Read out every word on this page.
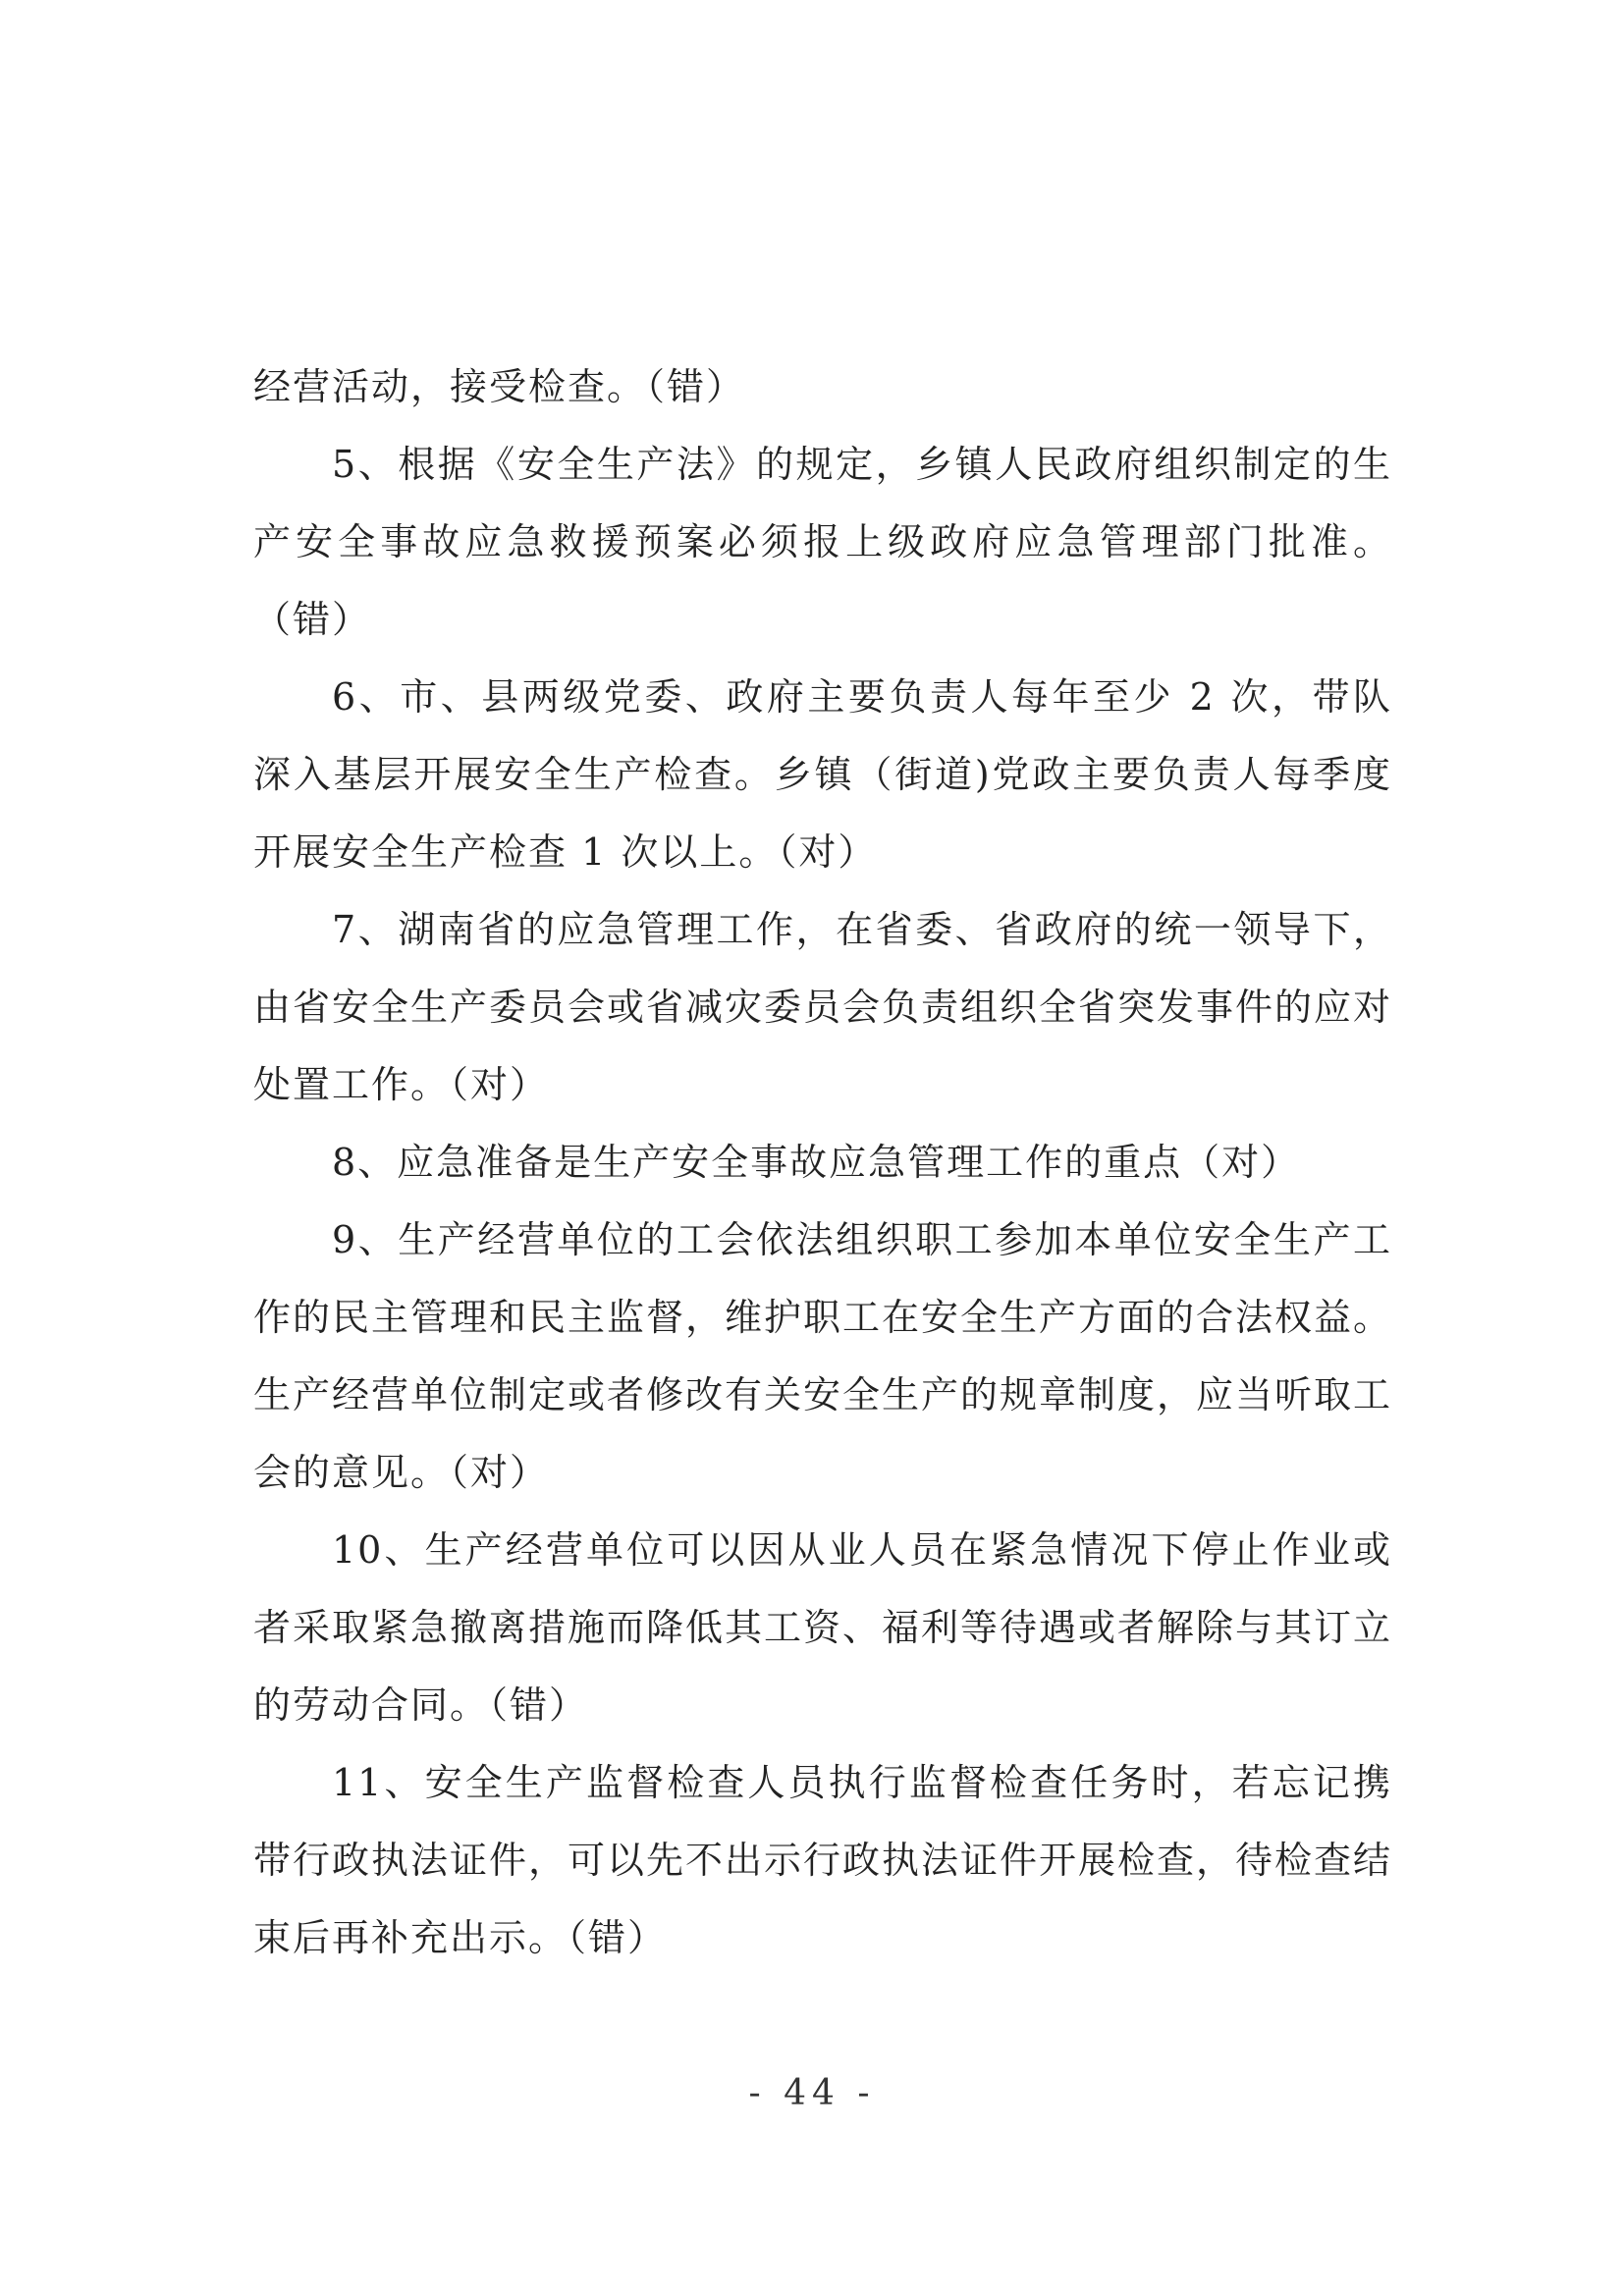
经营活动，接受检查。（错）

5、根据《安全生产法》的规定，乡镇人民政府组织制定的生产安全事故应急救援预案必须报上级政府应急管理部门批准。（错）

6、市、县两级党委、政府主要负责人每年至少 2 次，带队深入基层开展安全生产检查。乡镇（街道)党政主要负责人每季度开展安全生产检查 1 次以上。（对）

7、湖南省的应急管理工作，在省委、省政府的统一领导下，由省安全生产委员会或省减灾委员会负责组织全省突发事件的应对处置工作。（对）

8、应急准备是生产安全事故应急管理工作的重点（对）

9、生产经营单位的工会依法组织职工参加本单位安全生产工作的民主管理和民主监督，维护职工在安全生产方面的合法权益。生产经营单位制定或者修改有关安全生产的规章制度，应当听取工会的意见。（对）

10、生产经营单位可以因从业人员在紧急情况下停止作业或者采取紧急撤离措施而降低其工资、福利等待遇或者解除与其订立的劳动合同。（错）

11、安全生产监督检查人员执行监督检查任务时，若忘记携带行政执法证件，可以先不出示行政执法证件开展检查，待检查结束后再补充出示。（错）

- 44 -
